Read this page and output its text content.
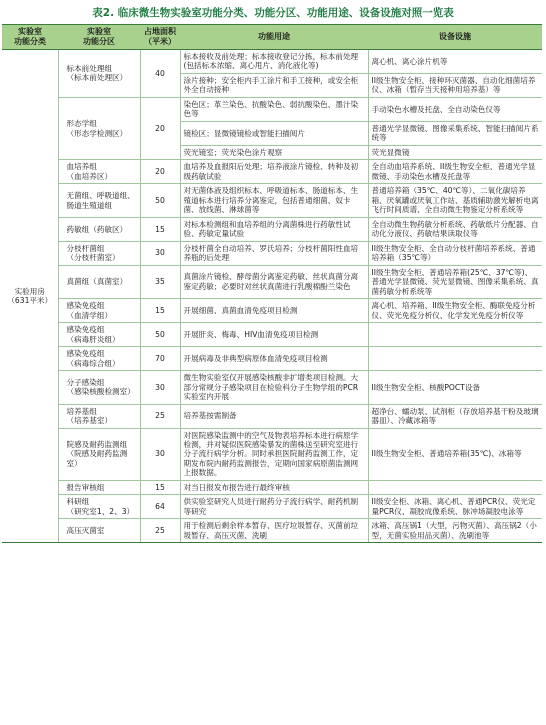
表2. 临床微生物实验室功能分类、功能分区、功能用途、设备设施对照一览表
实验室
功能分类	实验室
功能分区	占地面积
（平米）	功能用途	设备设施
实验用房
（631平米）	标本前处理组
（标本前处理区）	40	标本接收及前处理；标本接收登记分拣，标本前处理(包括标本浓缩、离心甩片、消化液化等)	离心机、离心涂片机等
			涂片接种；安全柜内手工涂片和手工接种，或安全柜外全自动接种	II级生物安全柜、接种环灭菌器、自动化细菌培养仪、冰箱（暂存当天接种用培养基）等
	形态学组
（形态学检测区）	20	染色区；革兰染色、抗酸染色、弱抗酸染色、墨汁染色等	手动染色水槽及托盘、全自动染色仪等
			镜检区；显微镜镜检或智能扫描阅片	普通光学显微镜、图像采集系统、智能扫描阅片系统等
			荧光镜室；荧光染色涂片观察	荧光显微镜
	血培养组
（血培养区）	20	血培养及血报阳后处理；培养液涂片镜检、转种及初级药敏试验	全自动血培养系统、II级生物安全柜、普通光学显微镜、手动染色水槽及托盘等
	无菌组、呼吸道组、肠道生殖道组	50	对无菌体液及组织标本、呼吸道标本、肠道标本、生殖道标本进行培养分离鉴定，包括普通细菌、奴卡菌、放线菌、淋球菌等	普通培养箱（35℃、40℃等）、二氧化碳培养箱、厌氧罐或厌氧工作站、基质辅助激光解析电离飞行时间质谱、全自动微生物鉴定分析系统等
	药敏组（药敏区）	15	对标本检测组和血培养组的分离菌株进行药敏性试验、药敏定量试验	全自动微生物药敏分析系统、药敏纸片分配器、自动化分液仪、药敏结果读取仪等
	分枝杆菌组
（分枝杆菌室）	30	分枝杆菌全自动培养、罗氏培养；分枝杆菌阳性血培养瓶的后处理	II级生物安全柜、全自动分枝杆菌培养系统、普通培养箱（35℃等）
	真菌组（真菌室）	35	真菌涂片镜检、酵母菌分离鉴定药敏、丝状真菌分离鉴定药敏；必要时对丝状真菌进行乳酸棉酚兰染色	II级生物安全柜、普通培养箱(25℃、37℃等)、普通光学显微镜、荧光显微镜、图像采集系统、真菌药敏分析系统等
	感染免疫组
（血清学组）	15	开展细菌、真菌血清免疫项目检测	离心机、培养箱、II级生物安全柜、酶联免疫分析仪、荧光免疫分析仪、化学发光免疫分析仪等
	感染免疫组
（病毒肝炎组）	50	开展肝炎、梅毒、HIV血清免疫项目检测	
	感染免疫组
（病毒综合组）	70	开展病毒及非典型病原体血清免疫项目检测	
	分子感染组
（感染核酸检测室）	30	微生物实验室仅开展感染核酸非扩增类项目检测。大部分常规分子感染项目在检验科分子生物学组的PCR实验室内开展	II级生物安全柜、核酸POCT设备
	培养基组
（培养基室）	25	培养基按需制备	超净台、蠕动泵、试剂柜（存放培养基干粉及玻璃器皿）、冷藏冰箱等
	院感及耐药监测组
（院感及耐药监测室）	30	对医院感染监测中的空气及物表培养标本进行病原学检测，并对疑似医院感染暴发的菌株送至研究室进行分子流行病学分析。同时承担医院耐药监测工作，定期发布院内耐药监测报告，定期向国家病原菌监测网上报数据。	II级生物安全柜、普通培养箱(35℃)、冰箱等
	报告审核组	15	对当日报发布报告进行最终审核	
	科研组
（研究室1、2、3）	64	供实验室研究人员进行耐药分子流行病学、耐药机制等研究	II级安全柜、冰箱、离心机、普通PCR仪、荧光定量PCR仪、凝胶成像系统、脉冲场凝胶电泳等
	高压灭菌室	25	用于检测后剩余样本暂存、医疗垃圾暂存、灭菌前垃圾暂存、高压灭菌、洗刷	冰箱、高压锅1（大型，污物灭菌）、高压锅2（小型，无菌实验用品灭菌）、洗刷池等
